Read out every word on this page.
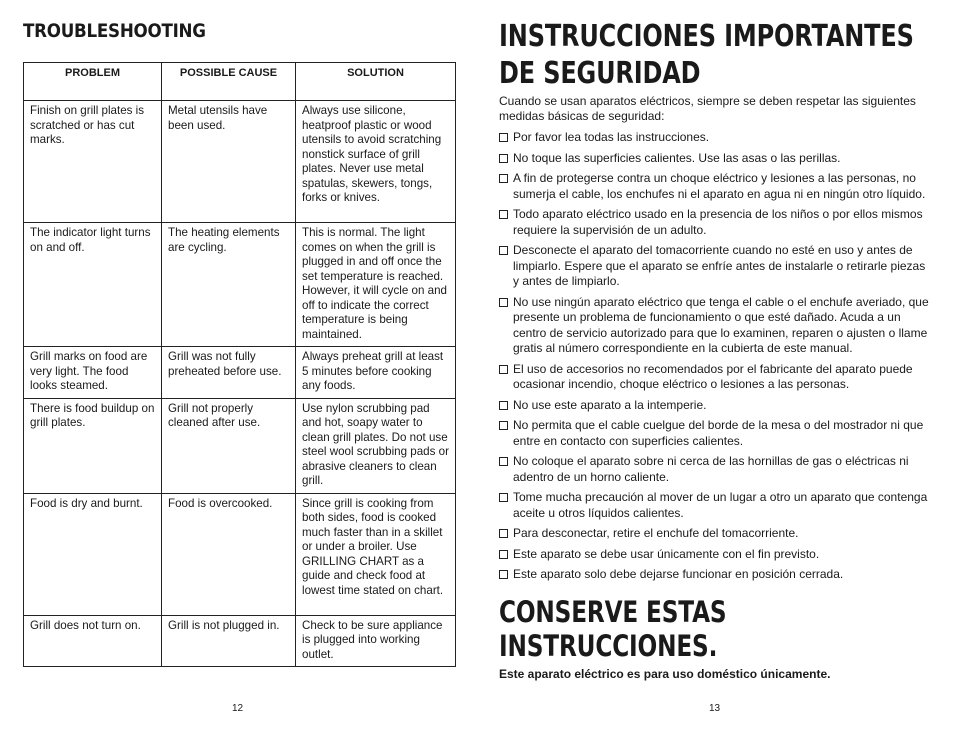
TROUBLESHOOTING
PROBLEM	POSSIBLE CAUSE	SOLUTION
Finish on grill plates is scratched or has cut marks.	Metal utensils have been used.	Always use silicone, heatproof plastic or wood utensils to avoid scratching nonstick surface of grill plates. Never use metal spatulas, skewers, tongs, forks or knives.
The indicator light turns on and off.	The heating elements are cycling.	This is normal. The light comes on when the grill is plugged in and off once the set temperature is reached. However, it will cycle on and off to indicate the correct temperature is being maintained.
Grill marks on food are very light. The food looks steamed.	Grill was not fully preheated before use.	Always preheat grill at least 5 minutes before cooking any foods.
There is food buildup on grill plates.	Grill not properly cleaned after use.	Use nylon scrubbing pad and hot, soapy water to clean grill plates. Do not use steel wool scrubbing pads or abrasive cleaners to clean grill.
Food is dry and burnt.	Food is overcooked.	Since grill is cooking from both sides, food is cooked much faster than in a skillet or under a broiler. Use GRILLING CHART as a guide and check food at lowest time stated on chart.
Grill does not turn on.	Grill is not plugged in.	Check to be sure appliance is plugged into working outlet.
INSTRUCCIONES IMPORTANTES
DE SEGURIDAD

Cuando se usan aparatos eléctricos, siempre se deben respetar las siguientes medidas básicas de seguridad:

Por favor lea todas las instrucciones.
No toque las superficies calientes. Use las asas o las perillas.
A fin de protegerse contra un choque eléctrico y lesiones a las personas, no sumerja el cable, los enchufes ni el aparato en agua ni en ningún otro líquido.
Todo aparato eléctrico usado en la presencia de los niños o por ellos mismos requiere la supervisión de un adulto.
Desconecte el aparato del tomacorriente cuando no esté en uso y antes de limpiarlo. Espere que el aparato se enfríe antes de instalarle o retirarle piezas y antes de limpiarlo.
No use ningún aparato eléctrico que tenga el cable o el enchufe averiado, que presente un problema de funcionamiento o que esté dañado. Acuda a un centro de servicio autorizado para que lo examinen, reparen o ajusten o llame gratis al número correspondiente en la cubierta de este manual.
El uso de accesorios no recomendados por el fabricante del aparato puede ocasionar incendio, choque eléctrico o lesiones a las personas.
No use este aparato a la intemperie.
No permita que el cable cuelgue del borde de la mesa o del mostrador ni que entre en contacto con superficies calientes.
No coloque el aparato sobre ni cerca de las hornillas de gas o eléctricas ni adentro de un horno caliente.
Tome mucha precaución al mover de un lugar a otro un aparato que contenga aceite u otros líquidos calientes.
Para desconectar, retire el enchufe del tomacorriente.
Este aparato se debe usar únicamente con el fin previsto.
Este aparato solo debe dejarse funcionar en posición cerrada.
CONSERVE ESTAS INSTRUCCIONES.
Este aparato eléctrico es para uso doméstico únicamente.
12	13
